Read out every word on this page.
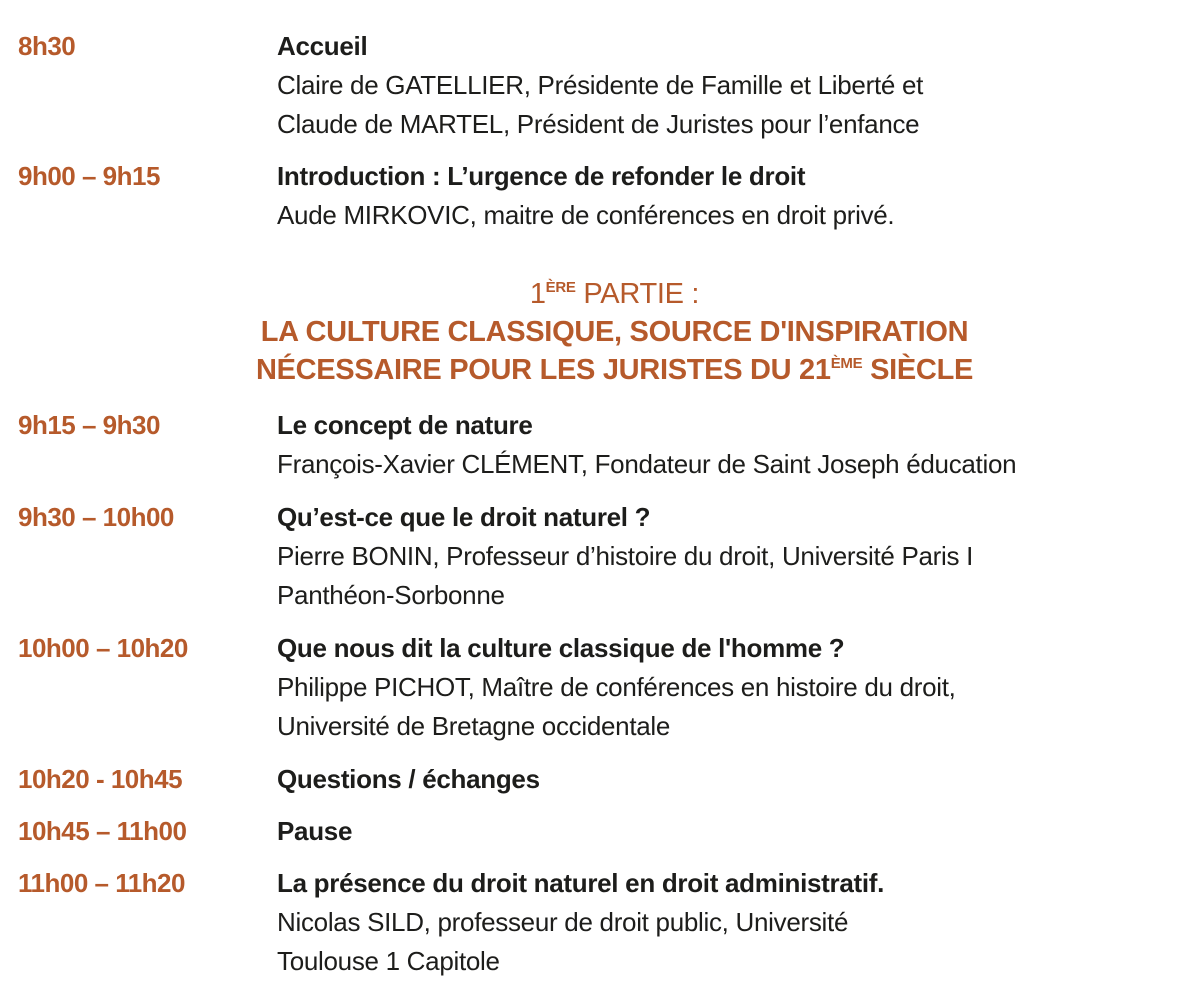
8h30	Accueil
Claire de GATELLIER, Présidente de Famille et Liberté et
Claude de MARTEL, Président de Juristes pour l’enfance
9h00 – 9h15	Introduction : L’urgence de refonder le droit
Aude MIRKOVIC, maitre de conférences en droit privé.
1ÈRE PARTIE :
LA CULTURE CLASSIQUE, SOURCE D'INSPIRATION
NÉCESSAIRE POUR LES JURISTES DU 21ÈME SIÈCLE
9h15 – 9h30	Le concept de nature
François-Xavier CLÉMENT, Fondateur de Saint Joseph éducation
9h30 – 10h00	Qu’est-ce que le droit naturel ?
Pierre BONIN, Professeur d’histoire du droit, Université Paris I
Panthéon-Sorbonne
10h00 – 10h20	Que nous dit la culture classique de l'homme ?
Philippe PICHOT, Maître de conférences en histoire du droit,
Université de Bretagne occidentale
10h20 - 10h45	Questions / échanges
10h45 – 11h00	Pause
11h00 – 11h20	La présence du droit naturel en droit administratif.
Nicolas SILD, professeur de droit public, Université
Toulouse 1 Capitole
